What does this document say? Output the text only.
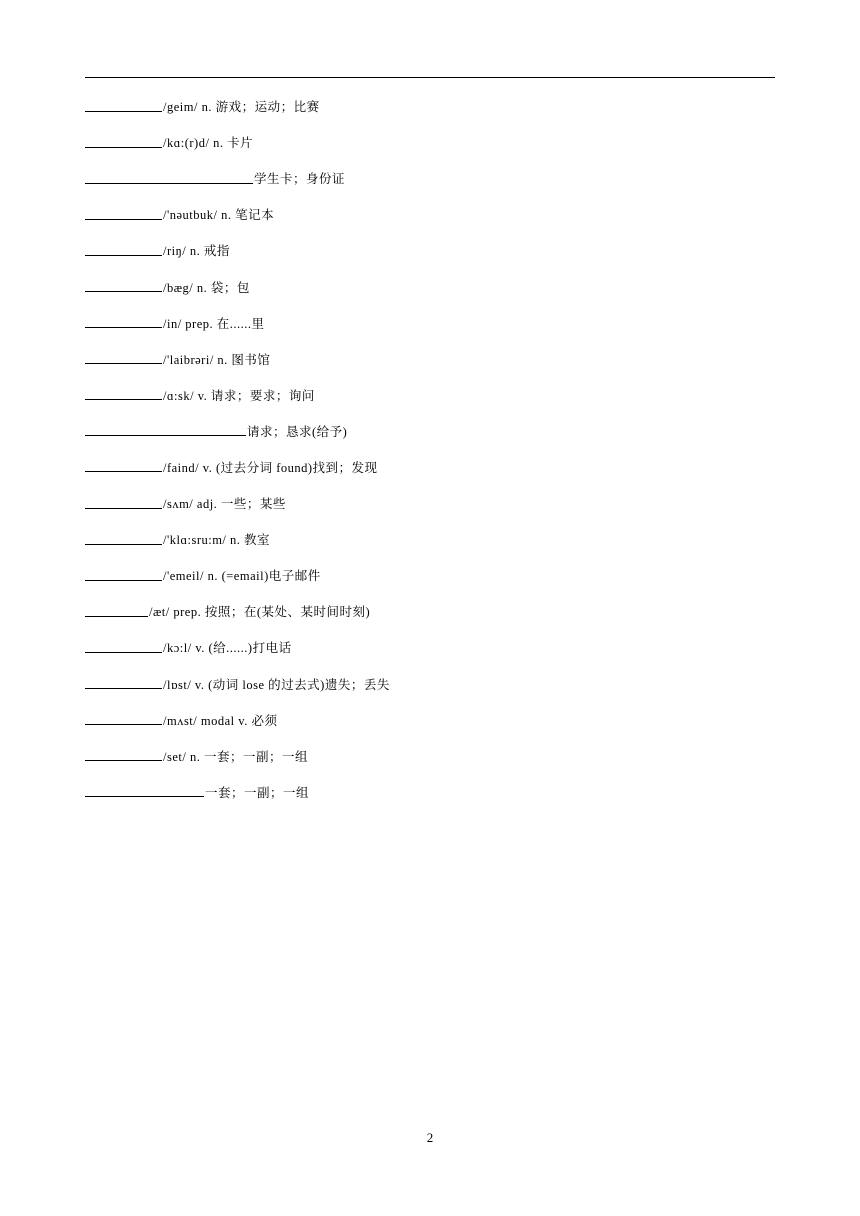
/geim/ n. 游戏；运动；比赛
/kɑ:(r)d/ n. 卡片
学生卡；身份证
/'nəutbuk/ n. 笔记本
/riŋ/ n. 戒指
/bæg/ n. 袋；包
/in/ prep. 在......里
/'laibrəri/ n. 图书馆
/ɑ:sk/ v. 请求；要求；询问
请求；恳求(给予)
/faind/ v. (过去分词 found)找到；发现
/sʌm/ adj. 一些；某些
/'klɑ:sru:m/ n. 教室
/'emeil/ n. (=email)电子邮件
/æt/ prep. 按照；在(某处、某时间时刻)
/kɔ:l/ v. (给......)打电话
/lɒst/ v. (动词 lose 的过去式)遗失；丢失
/mʌst/ modal v. 必须
/set/ n. 一套；一副；一组
一套；一副；一组
2
